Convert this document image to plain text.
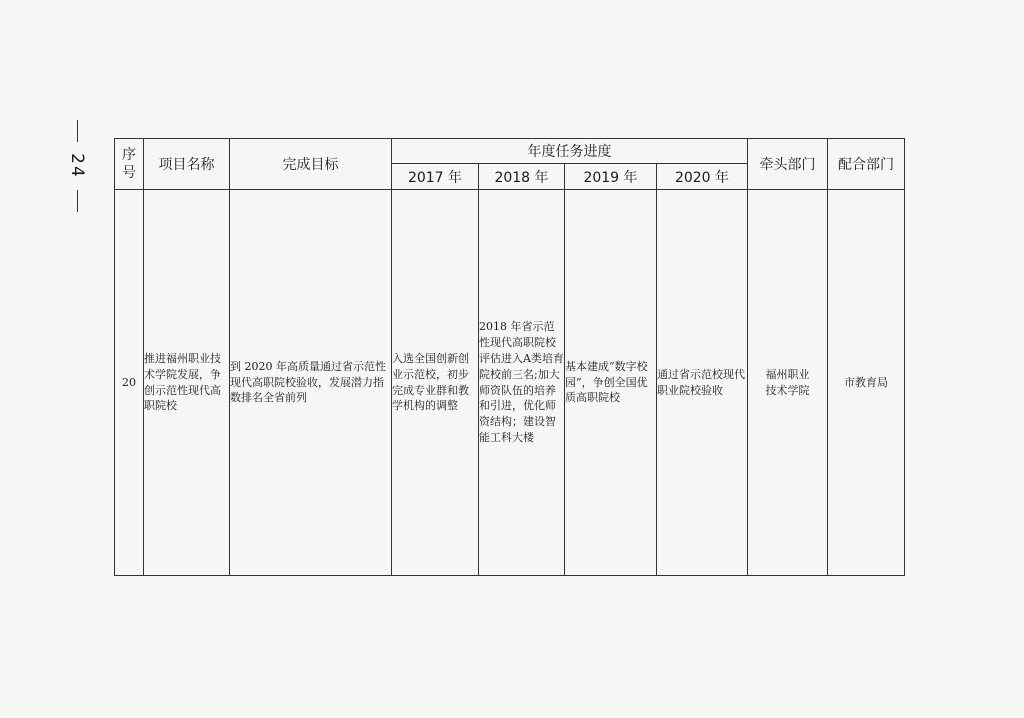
24	序号	项目名称	完成目标	年度任务进度				牵头部门	配合部门
			2017 年	2018 年	2019 年	2020 年		
20	推进福州职业技术学院发展，争创示范性现代高职院校	到 2020 年高质量通过省示范性现代高职院校验收，发展潜力指数排名全省前列	入选全国创新创业示范校，初步完成专业群和教学机构的调整	2018 年省示范性现代高职院校评估进入A类培育院校前三名;加大师资队伍的培养和引进，优化师资结构；建设智能工科大楼	基本建成“数字校园”，争创全国优质高职院校	通过省示范校现代职业院校验收	福州职业技术学院	市教育局
